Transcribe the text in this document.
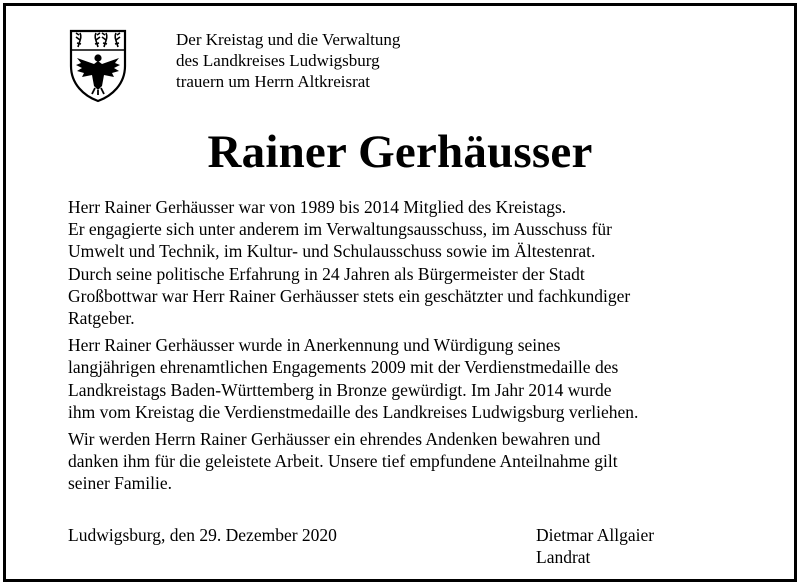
Der Kreistag und die Verwaltung
des Landkreises Ludwigsburg
trauern um Herrn Altkreisrat
Rainer Gerhäusser
Herr Rainer Gerhäusser war von 1989 bis 2014 Mitglied des Kreistags.
Er engagierte sich unter anderem im Verwaltungsausschuss, im Ausschuss für
Umwelt und Technik, im Kultur- und Schulausschuss sowie im Ältestenrat.
Durch seine politische Erfahrung in 24 Jahren als Bürgermeister der Stadt
Großbottwar war Herr Rainer Gerhäusser stets ein geschätzter und fachkundiger
Ratgeber.
Herr Rainer Gerhäusser wurde in Anerkennung und Würdigung seines
langjährigen ehrenamtlichen Engagements 2009 mit der Verdienstmedaille des
Landkreistags Baden-Württemberg in Bronze gewürdigt. Im Jahr 2014 wurde
ihm vom Kreistag die Verdienstmedaille des Landkreises Ludwigsburg verliehen.
Wir werden Herrn Rainer Gerhäusser ein ehrendes Andenken bewahren und
danken ihm für die geleistete Arbeit. Unsere tief empfundene Anteilnahme gilt
seiner Familie.
Ludwigsburg, den 29. Dezember 2020	Dietmar Allgaier
Landrat
